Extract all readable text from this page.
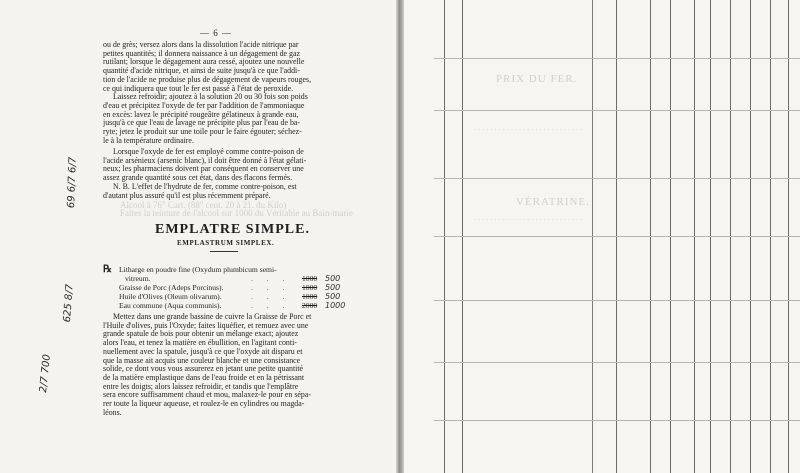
— 6 —
ou de grès; versez alors dans la dissolution l'acide nitrique par
petites quantités; il donnera naissance à un dégagement de gaz
rutilant; lorsque le dégagement aura cessé, ajoutez une nouvelle
quantité d'acide nitrique, et ainsi de suite jusqu'à ce que l'addi-
tion de l'acide ne produise plus de dégagement de vapeurs rouges,
ce qui indiquera que tout le fer est passé à l'état de peroxide.
Laissez refroidir; ajoutez à la solution 20 ou 30 fois son poids
d'eau et précipitez l'oxyde de fer par l'addition de l'ammoniaque
en excès: lavez le précipité rougeâtre gélatineux à grande eau,
jusqu'à ce que l'eau de lavage ne précipite plus par l'eau de ba-
ryte; jetez le produit sur une toile pour le faire égouter; séchez-
le à la température ordinaire.
Lorsque l'oxyde de fer est employé comme contre-poison de
l'acide arsénieux (arsenic blanc), il doit être donné à l'état gélati-
neux; les pharmaciens doivent par conséquent en conserver une
assez grande quantité sous cet état, dans des flacons fermés.
N. B. L'effet de l'hydrute de fer, comme contre-poison, est
d'autant plus assuré qu'il est plus récemment préparé.
Alcool à 76° Cart. (88° cent. 20 à 21. du Kilo)
Faites la teinture de l'alcool sur 1000 du Véritable au Bain-marie
EMPLATRE SIMPLE.
EMPLASTRUM SIMPLEX.
℞ Litharge en poudre fine (Oxydum plumbicum semi-
vitreum.	. . . 1000 500
Graisse de Porc (Adeps Porcinus).	. . . 1000 500
Huile d'Olives (Oleum olivarum).	. . . 1000 500
Eau commune (Aqua communis).	. . . 2000 1000
Mettez dans une grande bassine de cuivre la Graisse de Porc et
l'Huile d'olives, puis l'Oxyde; faites liquéfier, et remuez avec une
grande spatule de bois pour obtenir un mélange exact; ajoutez
alors l'eau, et tenez la matière en ébullition, en l'agitant conti-
nuellement avec la spatule, jusqu'à ce que l'oxyde ait disparu et
que la masse ait acquis une couleur blanche et une consistance
solide, ce dont vous vous assurerez en jetant une petite quantité
de la matière emplastique dans de l'eau froide et en la pétrissant
entre les doigts; alors laissez refroidir, et tandis que l'emplâtre
sera encore suffisamment chaud et mou, malaxez-le pour en sépa-
rer toute la liqueur aqueuse, et roulez-le en cylindres ou magda-
léons.
69 6/7 6/7
625 8/7
2/7 700
PRIX DU FER.
VÉRATRINE.
· · · · · · · · · · · · · · · · · · · · · · · · · · ·
· · · · · · · · · · · · · · · · · · · · · · · · · · ·
